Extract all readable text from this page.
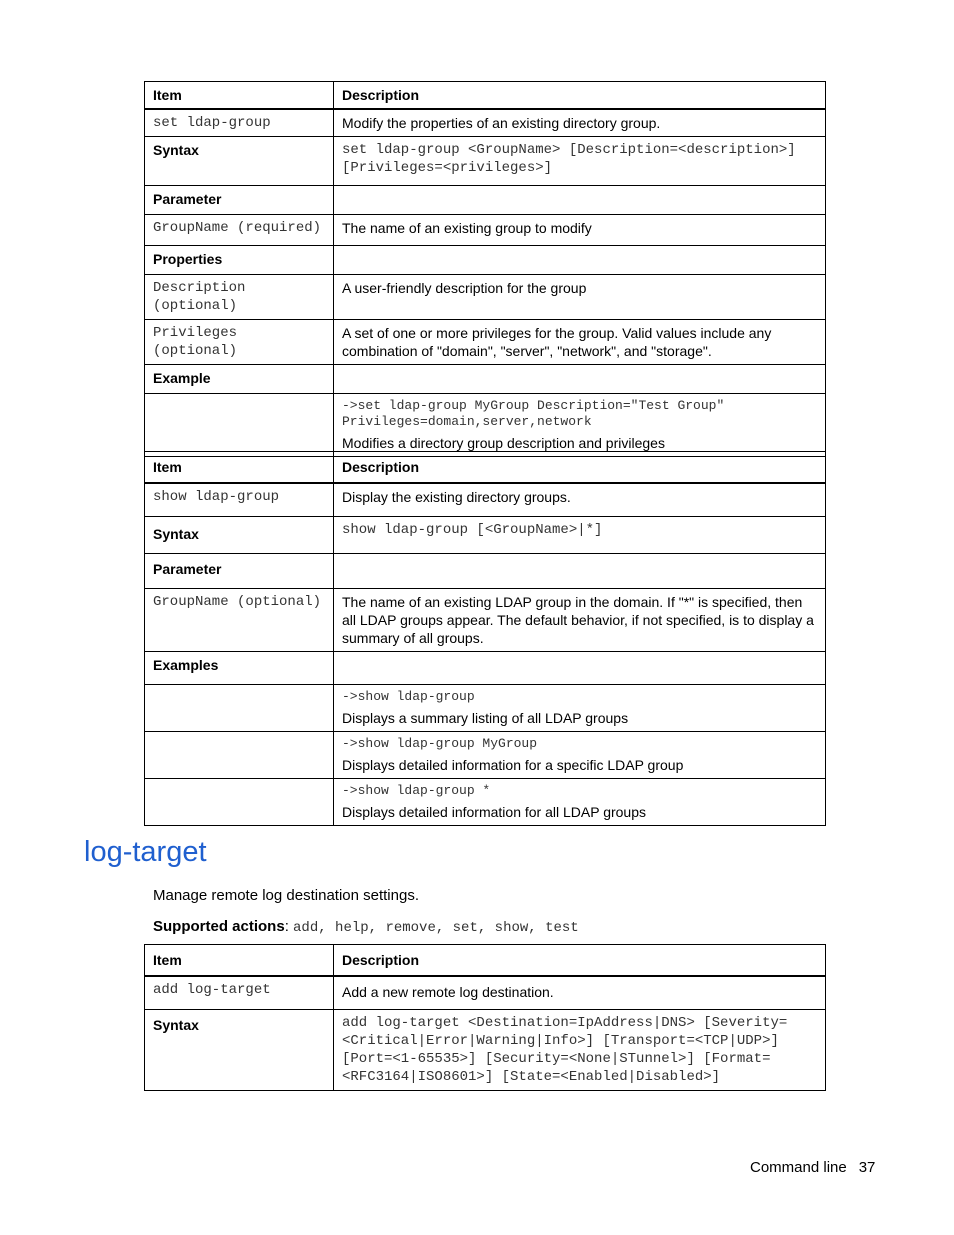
Item	Description
set ldap-group	Modify the properties of an existing directory group.
Syntax	set ldap-group <GroupName> [Description=<description>] [Privileges=<privileges>]
Parameter	
GroupName (required)	The name of an existing group to modify
Properties	
Description (optional)	A user-friendly description for the group
Privileges (optional)	A set of one or more privileges for the group. Valid values include any combination of "domain", "server", "network", and "storage".
Example	

	->set ldap-group MyGroup Description="Test Group" Privileges=domain,server,network
Modifies a directory group description and privileges
Item	Description
show ldap-group	Display the existing directory groups.
Syntax	show ldap-group [<GroupName>|*]
Parameter	
GroupName (optional)	The name of an existing LDAP group in the domain. If "*" is specified, then all LDAP groups appear. The default behavior, if not specified, is to display a summary of all groups.
Examples	

	->show ldap-group
Displays a summary listing of all LDAP groups

	->show ldap-group MyGroup
Displays detailed information for a specific LDAP group

	->show ldap-group *
Displays detailed information for all LDAP groups
log-target
Manage remote log destination settings.
Supported actions: add, help, remove, set, show, test
Item	Description
add log-target	Add a new remote log destination.
Syntax	add log-target <Destination=IpAddress|DNS> [Severity=<Critical|Error|Warning|Info>] [Transport=<TCP|UDP>] [Port=<1-65535>] [Security=<None|STunnel>] [Format=<RFC3164|ISO8601>] [State=<Enabled|Disabled>]
Command line 37
